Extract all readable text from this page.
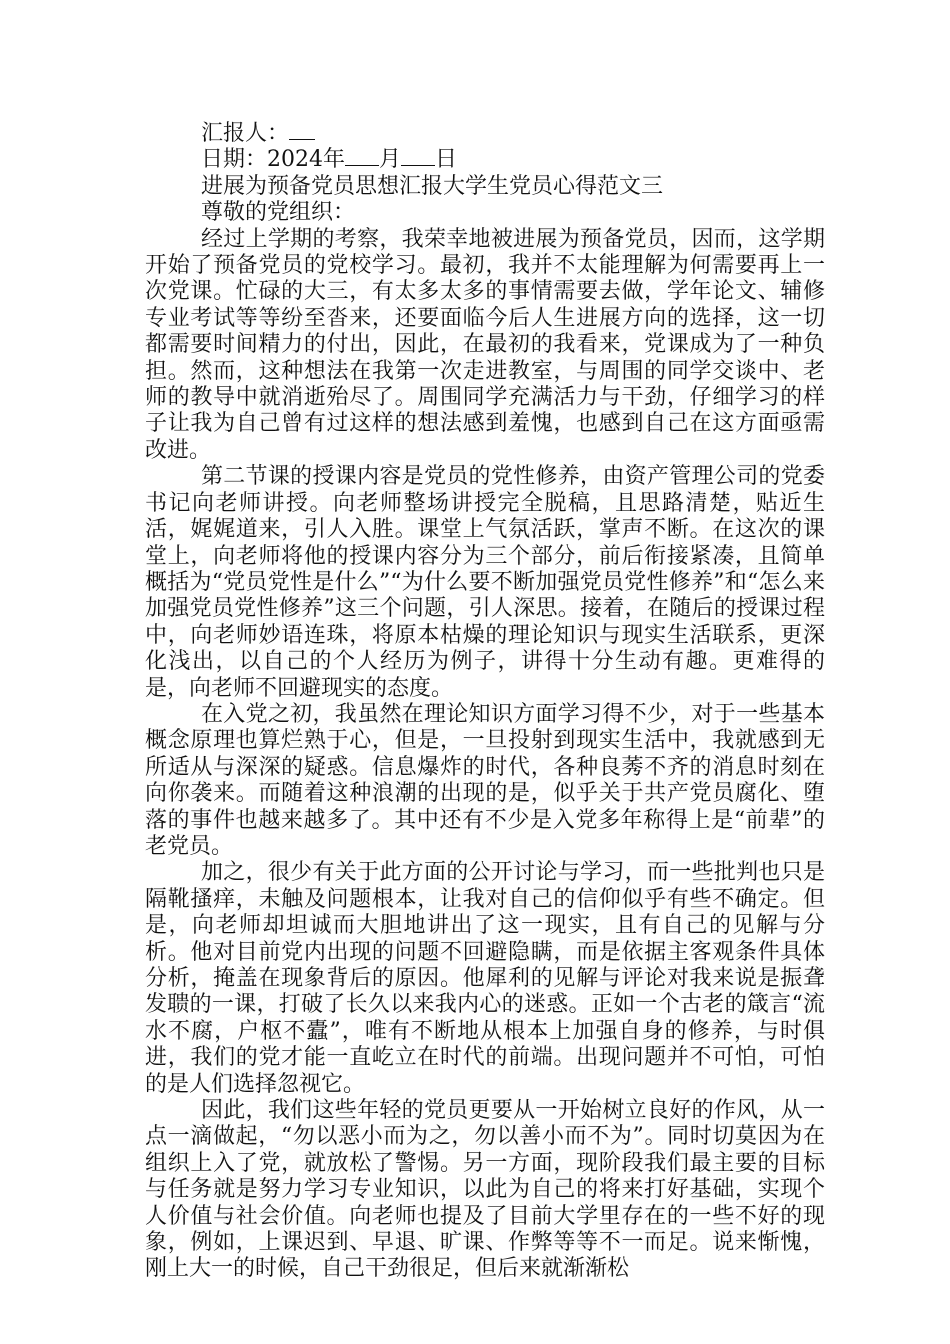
汇报人：

日期：2024年 月 日

进展为预备党员思想汇报大学生党员心得范文三

尊敬的党组织：

经过上学期的考察，我荣幸地被进展为预备党员，因而，这学期开始了预备党员的党校学习。最初，我并不太能理解为何需要再上一次党课。忙碌的大三，有太多太多的事情需要去做，学年论文、辅修专业考试等等纷至沓来，还要面临今后人生进展方向的选择，这一切都需要时间精力的付出，因此，在最初的我看来，党课成为了一种负担。然而，这种想法在我第一次走进教室，与周围的同学交谈中、老师的教导中就消逝殆尽了。周围同学充满活力与干劲，仔细学习的样子让我为自己曾有过这样的想法感到羞愧，也感到自己在这方面亟需改进。

第二节课的授课内容是党员的党性修养，由资产管理公司的党委书记向老师讲授。向老师整场讲授完全脱稿，且思路清楚，贴近生活，娓娓道来，引人入胜。课堂上气氛活跃，掌声不断。在这次的课堂上，向老师将他的授课内容分为三个部分，前后衔接紧凑，且简单概括为“党员党性是什么”“为什么要不断加强党员党性修养”和“怎么来加强党员党性修养”这三个问题，引人深思。接着，在随后的授课过程中，向老师妙语连珠，将原本枯燥的理论知识与现实生活联系，更深化浅出，以自己的个人经历为例子，讲得十分生动有趣。更难得的是，向老师不回避现实的态度。

在入党之初，我虽然在理论知识方面学习得不少，对于一些基本概念原理也算烂熟于心，但是，一旦投射到现实生活中，我就感到无所适从与深深的疑惑。信息爆炸的时代，各种良莠不齐的消息时刻在向你袭来。而随着这种浪潮的出现的是，似乎关于共产党员腐化、堕落的事件也越来越多了。其中还有不少是入党多年称得上是“前辈”的老党员。

加之，很少有关于此方面的公开讨论与学习，而一些批判也只是隔靴搔痒，未触及问题根本，让我对自己的信仰似乎有些不确定。但是，向老师却坦诚而大胆地讲出了这一现实，且有自己的见解与分析。他对目前党内出现的问题不回避隐瞒，而是依据主客观条件具体分析，掩盖在现象背后的原因。他犀利的见解与评论对我来说是振聋发聩的一课，打破了长久以来我内心的迷惑。正如一个古老的箴言“流水不腐，户枢不蠹”，唯有不断地从根本上加强自身的修养，与时俱进，我们的党才能一直屹立在时代的前端。出现问题并不可怕，可怕的是人们选择忽视它。

因此，我们这些年轻的党员更要从一开始树立良好的作风，从一点一滴做起，“勿以恶小而为之，勿以善小而不为”。同时切莫因为在组织上入了党，就放松了警惕。另一方面，现阶段我们最主要的目标与任务就是努力学习专业知识，以此为自己的将来打好基础，实现个人价值与社会价值。向老师也提及了目前大学里存在的一些不好的现象，例如，上课迟到、早退、旷课、作弊等等不一而足。说来惭愧，刚上大一的时候，自己干劲很足，但后来就渐渐松
